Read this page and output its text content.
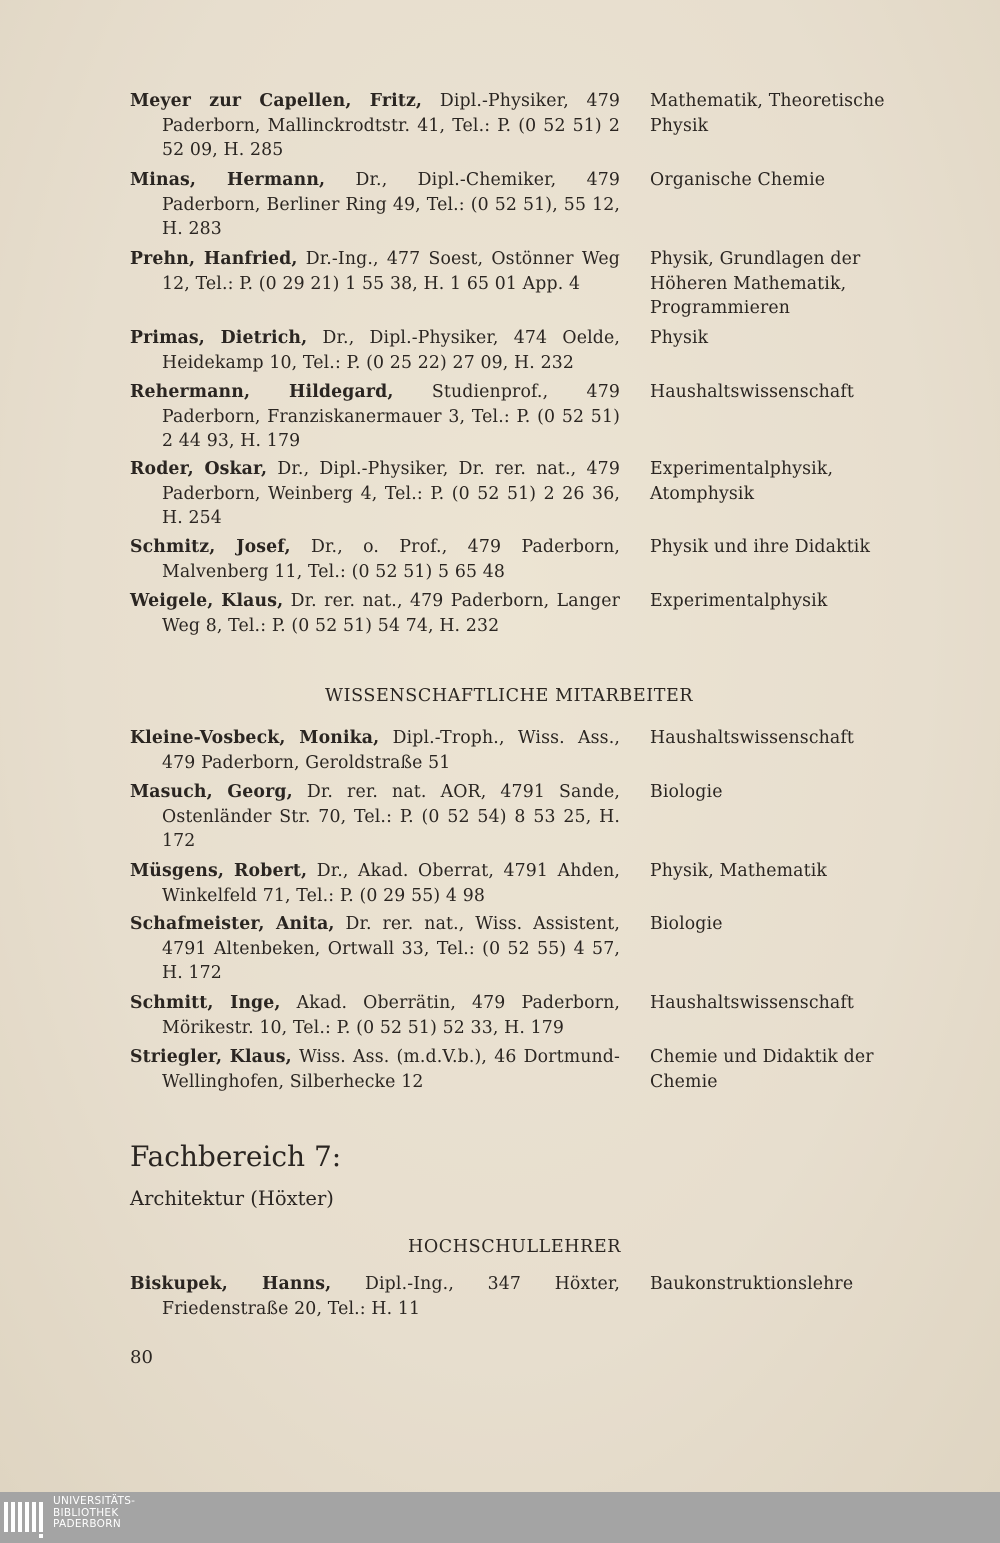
Meyer zur Capellen, Fritz, Dipl.-Physiker, 479 Paderborn, Mallinckrodtstr. 41, Tel.: P. (0 52 51) 2 52 09, H. 285
Mathematik, Theoretische Physik
Minas, Hermann, Dr., Dipl.-Chemiker, 479 Paderborn, Berliner Ring 49, Tel.: (0 52 51), 55 12, H. 283
Organische Chemie
Prehn, Hanfried, Dr.-Ing., 477 Soest, Ostönner Weg 12, Tel.: P. (0 29 21) 1 55 38, H. 1 65 01 App. 4
Physik, Grundlagen der Höheren Mathematik, Programmieren
Primas, Dietrich, Dr., Dipl.-Physiker, 474 Oelde, Heidekamp 10, Tel.: P. (0 25 22) 27 09, H. 232
Physik
Rehermann, Hildegard, Studienprof., 479 Paderborn, Franziskanermauer 3, Tel.: P. (0 52 51) 2 44 93, H. 179
Haushaltswissenschaft
Roder, Oskar, Dr., Dipl.-Physiker, Dr. rer. nat., 479 Paderborn, Weinberg 4, Tel.: P. (0 52 51) 2 26 36, H. 254
Experimentalphysik, Atomphysik
Schmitz, Josef, Dr., o. Prof., 479 Paderborn, Malvenberg 11, Tel.: (0 52 51) 5 65 48
Physik und ihre Didaktik
Weigele, Klaus, Dr. rer. nat., 479 Paderborn, Langer Weg 8, Tel.: P. (0 52 51) 54 74, H. 232
Experimentalphysik
WISSENSCHAFTLICHE MITARBEITER
Kleine-Vosbeck, Monika, Dipl.-Troph., Wiss. Ass., 479 Paderborn, Geroldstraße 51
Haushaltswissenschaft
Masuch, Georg, Dr. rer. nat. AOR, 4791 Sande, Ostenländer Str. 70, Tel.: P. (0 52 54) 8 53 25, H. 172
Biologie
Müsgens, Robert, Dr., Akad. Oberrat, 4791 Ahden, Winkelfeld 71, Tel.: P. (0 29 55) 4 98
Physik, Mathematik
Schafmeister, Anita, Dr. rer. nat., Wiss. Assistent, 4791 Altenbeken, Ortwall 33, Tel.: (0 52 55) 4 57, H. 172
Biologie
Schmitt, Inge, Akad. Oberrätin, 479 Paderborn, Mörikestr. 10, Tel.: P. (0 52 51) 52 33, H. 179
Haushaltswissenschaft
Striegler, Klaus, Wiss. Ass. (m.d.V.b.), 46 Dortmund-Wellinghofen, Silberhecke 12
Chemie und Didaktik der Chemie
Fachbereich 7:
Architektur (Höxter)
HOCHSCHULLEHRER
Biskupek, Hanns, Dipl.-Ing., 347 Höxter, Friedenstraße 20, Tel.: H. 11
Baukonstruktionslehre
80
UNIVERSITÄTS-
BIBLIOTHEK
PADERBORN
